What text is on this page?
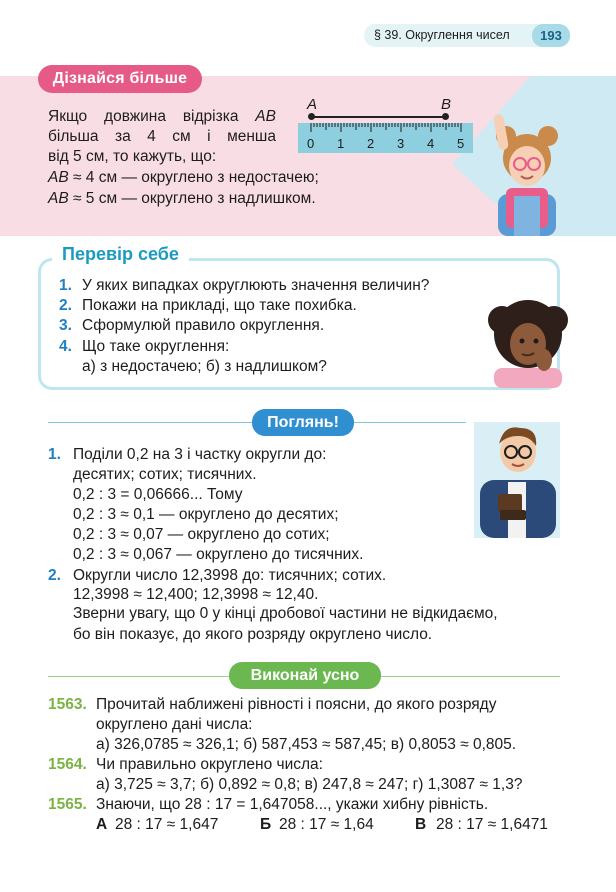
§ 39. Округлення чисел	193
Дізнайся більше
Якщо довжина відрізка AB
більша за 4 см і менша
від 5 см, то кажуть, що:
AB ≈ 4 см — округлено з недостачею;
AB ≈ 5 см — округлено з надлишком.
A	B
0 1 2 3 4 5
Перевір себе
1. У яких випадках округлюють значення величин?
2. Покажи на прикладі, що таке похибка.
3. Сформулюй правило округлення.
4. Що таке округлення:
а) з недостачею; б) з надлишком?
Поглянь!
1. Поділи 0,2 на 3 і частку округли до:
десятих; сотих; тисячних.
0,2 : 3 = 0,06666... Тому
0,2 : 3 ≈ 0,1 — округлено до десятих;
0,2 : 3 ≈ 0,07 — округлено до сотих;
0,2 : 3 ≈ 0,067 — округлено до тисячних.
2. Округли число 12,3998 до: тисячних; сотих.
12,3998 ≈ 12,400; 12,3998 ≈ 12,40.
Зверни увагу, що 0 у кінці дробової частини не відкидаємо,
бо він показує, до якого розряду округлено число.
Виконай усно
1563. Прочитай наближені рівності і поясни, до якого розряду
округлено дані числа:
а) 326,0785 ≈ 326,1; б) 587,453 ≈ 587,45; в) 0,8053 ≈ 0,805.
1564. Чи правильно округлено числа:
а) 3,725 ≈ 3,7; б) 0,892 ≈ 0,8; в) 247,8 ≈ 247; г) 1,3087 ≈ 1,3?
1565. Знаючи, що 28 : 17 = 1,647058..., укажи хибну рівність.
А 28 : 17 ≈ 1,647	Б 28 : 17 ≈ 1,64	В 28 : 17 ≈ 1,6471
